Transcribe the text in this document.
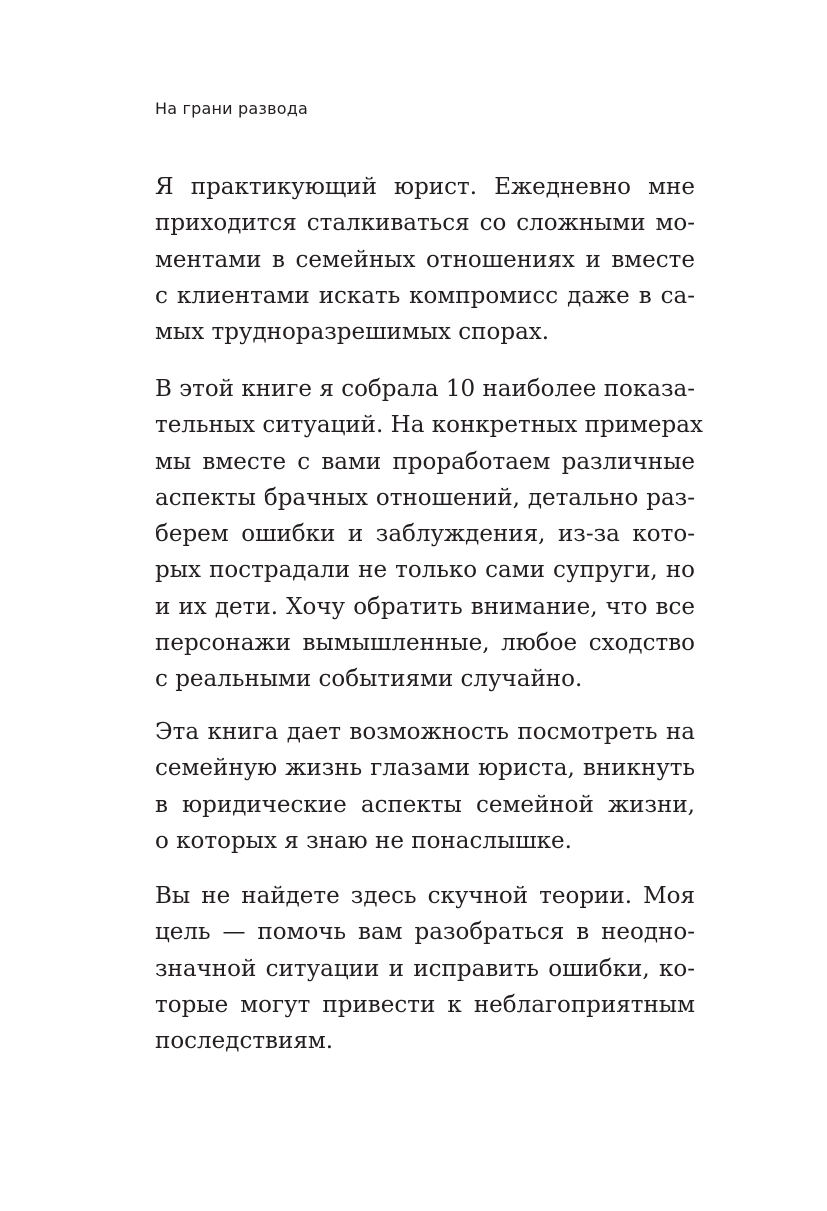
На грани развода
Я практикующий юрист. Ежедневно мне
приходится сталкиваться со сложными мо-
ментами в семейных отношениях и вместе
с клиентами искать компромисс даже в са-
мых трудноразрешимых спорах.
В этой книге я собрала 10 наиболее показа-
тельных ситуаций. На конкретных примерах
мы вместе с вами проработаем различные
аспекты брачных отношений, детально раз-
берем ошибки и заблуждения, из-за кото-
рых пострадали не только сами супруги, но
и их дети. Хочу обратить внимание, что все
персонажи вымышленные, любое сходство
с реальными событиями случайно.
Эта книга дает возможность посмотреть на
семейную жизнь глазами юриста, вникнуть
в юридические аспекты семейной жизни,
о которых я знаю не понаслышке.
Вы не найдете здесь скучной теории. Моя
цель — помочь вам разобраться в неодно-
значной ситуации и исправить ошибки, ко-
торые могут привести к неблагоприятным
последствиям.
